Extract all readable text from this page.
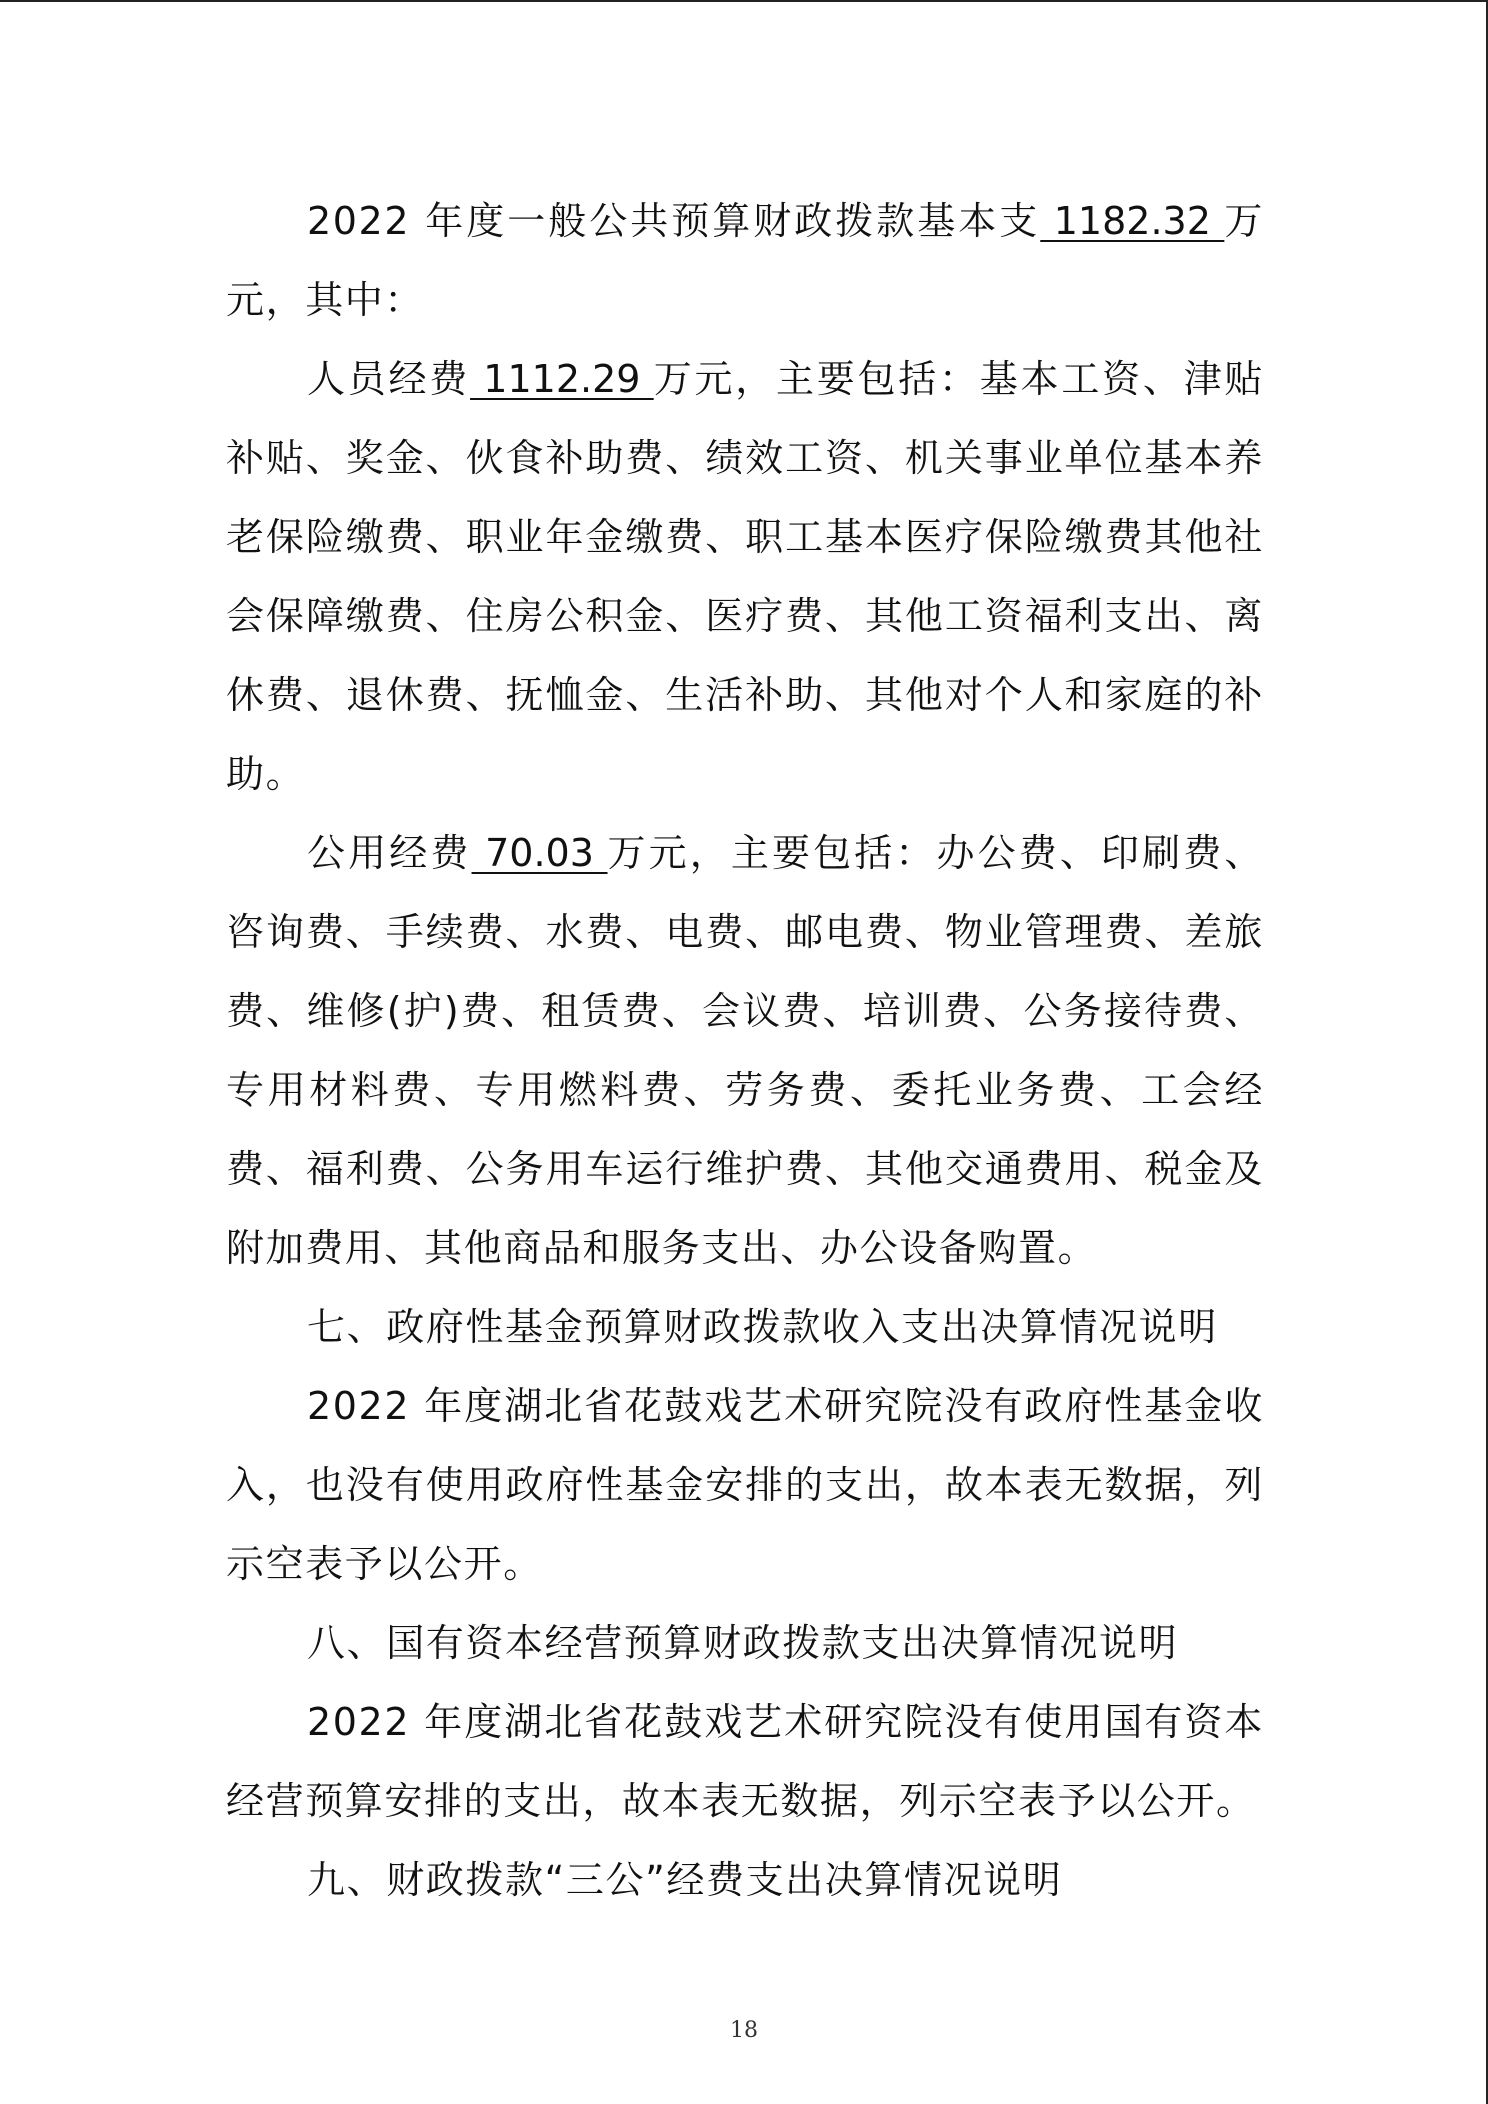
2022 年度一般公共预算财政拨款基本支 1182.32 万元，其中：

人员经费 1112.29 万元，主要包括：基本工资、津贴补贴、奖金、伙食补助费、绩效工资、机关事业单位基本养老保险缴费、职业年金缴费、职工基本医疗保险缴费其他社会保障缴费、住房公积金、医疗费、其他工资福利支出、离休费、退休费、抚恤金、生活补助、其他对个人和家庭的补助。

公用经费 70.03 万元，主要包括：办公费、印刷费、咨询费、手续费、水费、电费、邮电费、物业管理费、差旅费、维修(护)费、租赁费、会议费、培训费、公务接待费、专用材料费、专用燃料费、劳务费、委托业务费、工会经费、福利费、公务用车运行维护费、其他交通费用、税金及附加费用、其他商品和服务支出、办公设备购置。

七、政府性基金预算财政拨款收入支出决算情况说明

2022 年度湖北省花鼓戏艺术研究院没有政府性基金收入，也没有使用政府性基金安排的支出，故本表无数据，列示空表予以公开。

八、国有资本经营预算财政拨款支出决算情况说明

2022 年度湖北省花鼓戏艺术研究院没有使用国有资本经营预算安排的支出，故本表无数据，列示空表予以公开。

九、财政拨款“三公”经费支出决算情况说明

18
